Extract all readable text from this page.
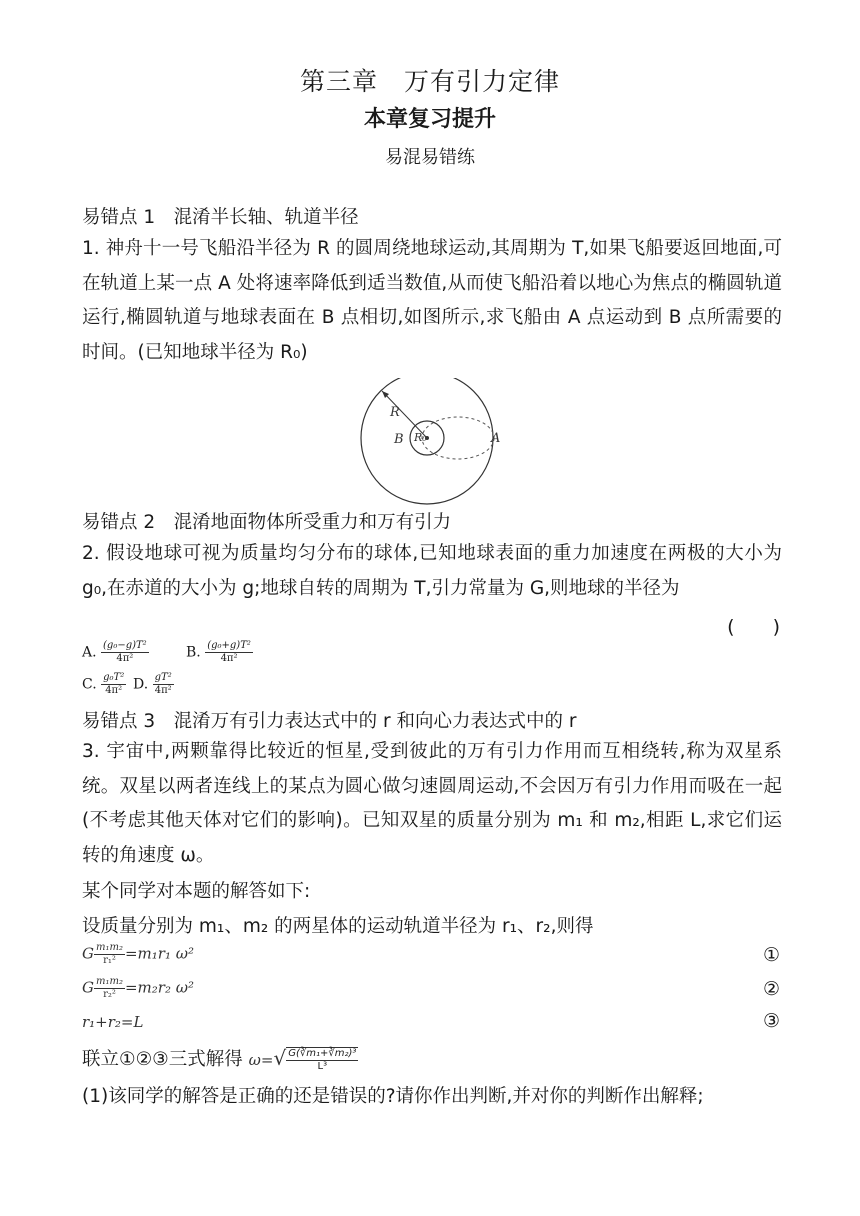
第三章　万有引力定律
本章复习提升
易混易错练
易错点 1　混淆半长轴、轨道半径
1. 神舟十一号飞船沿半径为 R 的圆周绕地球运动,其周期为 T,如果飞船要返回地面,可在轨道上某一点 A 处将速率降低到适当数值,从而使飞船沿着以地心为焦点的椭圆轨道运行,椭圆轨道与地球表面在 B 点相切,如图所示,求飞船由 A 点运动到 B 点所需要的时间。(已知地球半径为 R₀)
R
B R₀	A
易错点 2　混淆地面物体所受重力和万有引力
2. 假设地球可视为质量均匀分布的球体,已知地球表面的重力加速度在两极的大小为 g₀,在赤道的大小为 g;地球自转的周期为 T,引力常量为 G,则地球的半径为
(　　)
A. $\frac{\text{(g₀−g)T²}}{\text{4π²}}$	B. $\frac{\text{(g₀+g)T²}}{\text{4π²}}$
C. $\frac{\text{g₀T²}}{\text{4π²}} D$. $\frac{\text{gT²}}{\text{4π²}}$
易错点 3　混淆万有引力表达式中的 r 和向心力表达式中的 r
3. 宇宙中,两颗靠得比较近的恒星,受到彼此的万有引力作用而互相绕转,称为双星系统。双星以两者连线上的某点为圆心做匀速圆周运动,不会因万有引力作用而吸在一起(不考虑其他天体对它们的影响)。已知双星的质量分别为 m₁ 和 m₂,相距 L,求它们运转的角速度 ω。
某个同学对本题的解答如下:
设质量分别为 m₁、m₂ 的两星体的运动轨道半径为 r₁、r₂,则得
G $\frac{\text{m₁m₂}}{\text{r₁²}} =m_1r_1$ ω²	①
G $\frac{\text{m₁m₂}}{\text{r₂²}} =m_2r_2$ ω²	②
r₁+r₂=L	③
联立①②③三式解得 $\omega=√ \frac{\text{G(∛m₁+∛m₂)³}}{\text{L³}}$
(1)该同学的解答是正确的还是错误的?请你作出判断,并对你的判断作出解释;
